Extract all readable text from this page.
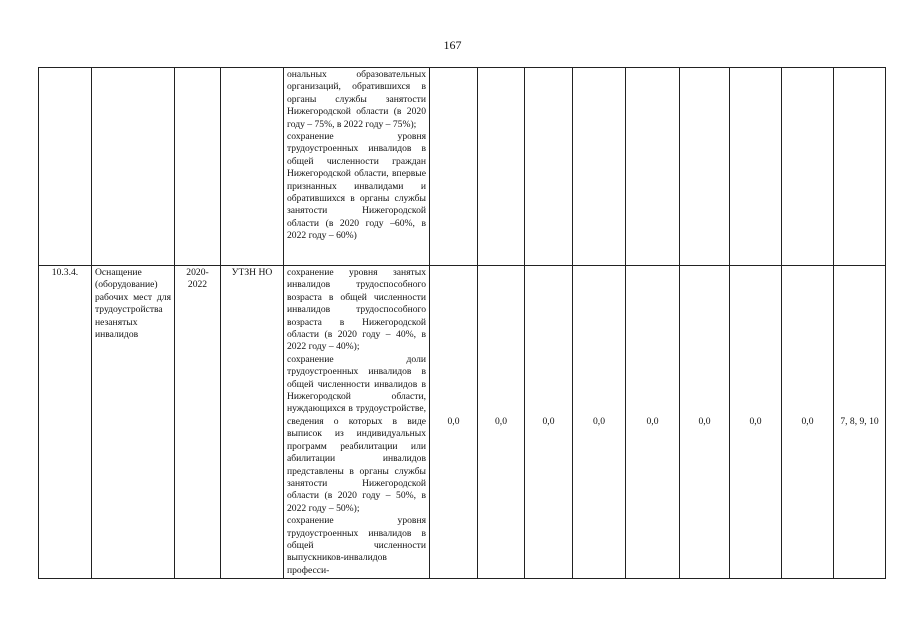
167

				ональных образовательных организаций, обратившихся в органы службы занятости Нижегородской области (в 2020 году – 75%, в 2022 году – 75%);

сохранение уровня трудоустроенных инвалидов в общей численности граждан Нижегородской области, впервые признанных инвалидами и обратившихся в органы службы занятости Нижегородской области (в 2020 году –60%, в 2022 году – 60%)									

10.3.4.	Оснащение (оборудование) рабочих мест для трудоустройства незанятых инвалидов	2020-2022	УТЗН НО	сохранение уровня занятых инвалидов трудоспособного возраста в общей численности инвалидов трудоспособного возраста в Нижегородской области (в 2020 году – 40%, в 2022 году – 40%);

сохранение доли трудоустроенных инвалидов в общей численности инвалидов в Нижегородской области, нуждающихся в трудоустройстве, сведения о которых в виде выписок из индивидуальных программ реабилитации или абилитации инвалидов представлены в органы службы занятости Нижегородской области (в 2020 году – 50%, в 2022 году – 50%);

сохранение уровня трудоустроенных инвалидов в общей численности выпускников-инвалидов професси-	0,0	0,0	0,0	0,0	0,0	0,0	0,0	0,0	7, 8, 9, 10
